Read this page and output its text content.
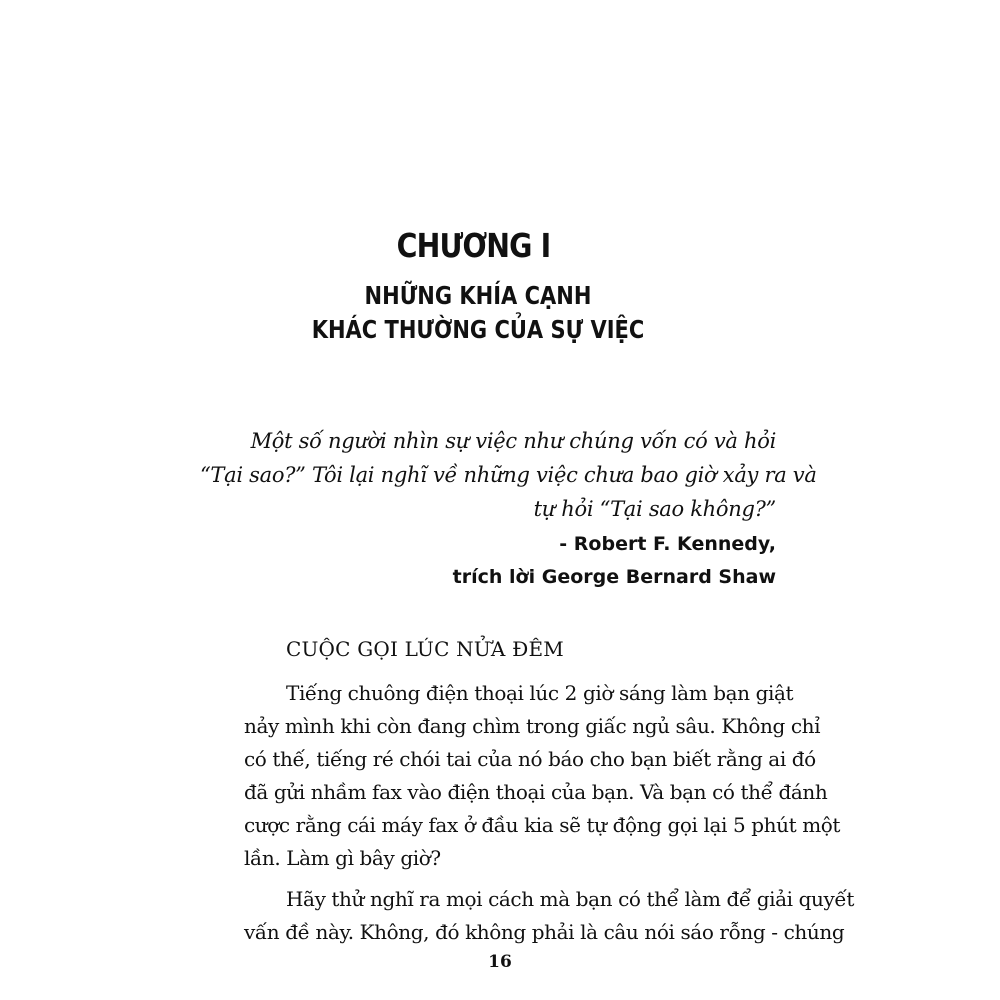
CHƯƠNG I
NHỮNG KHÍA CẠNH
KHÁC THƯỜNG CỦA SỰ VIỆC
Một số người nhìn sự việc như chúng vốn có và hỏi
“Tại sao?” Tôi lại nghĩ về những việc chưa bao giờ xảy ra và
tự hỏi “Tại sao không?”
- Robert F. Kennedy,
trích lời George Bernard Shaw
CUỘC GỌI LÚC NỬA ĐÊM

Tiếng chuông điện thoại lúc 2 giờ sáng làm bạn giật
nảy mình khi còn đang chìm trong giấc ngủ sâu. Không chỉ
có thế, tiếng ré chói tai của nó báo cho bạn biết rằng ai đó
đã gửi nhầm fax vào điện thoại của bạn. Và bạn có thể đánh
cược rằng cái máy fax ở đầu kia sẽ tự động gọi lại 5 phút một
lần. Làm gì bây giờ?

Hãy thử nghĩ ra mọi cách mà bạn có thể làm để giải quyết
vấn đề này. Không, đó không phải là câu nói sáo rỗng - chúng

16
